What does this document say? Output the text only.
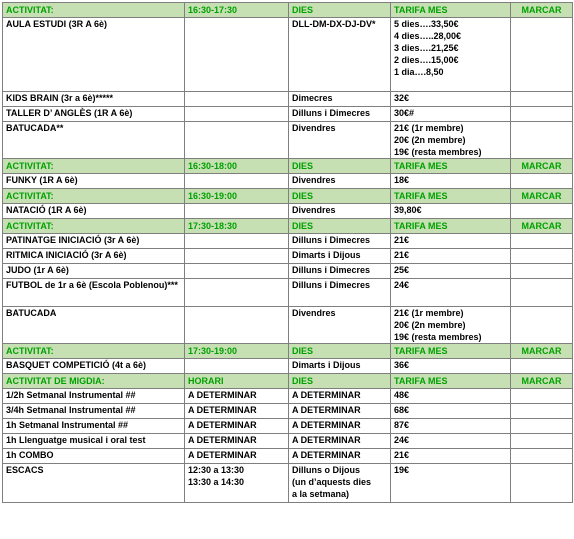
ACTIVITAT:	16:30-17:30	DIES	TARIFA MES	MARCAR
AULA ESTUDI (3R A 6è)		DLL-DM-DX-DJ-DV*	5 dies….33,50€
4 dies…..28,00€
3 dies….21,25€
2 dies….15,00€
1 dia….8,50	

KIDS BRAIN (3r a 6è)*****		Dimecres	32€	

TALLER D’ ANGLÈS (1R A 6è)		Dilluns i Dimecres	30€#	

BATUCADA**		Divendres	21€ (1r membre)
20€ (2n membre)
19€ (resta membres)	

ACTIVITAT:	16:30-18:00	DIES	TARIFA MES	MARCAR
FUNKY (1R A 6è)		Divendres	18€	

ACTIVITAT:	16:30-19:00	DIES	TARIFA MES	MARCAR
NATACIÓ (1R A 6è)		Divendres	39,80€	

ACTIVITAT:	17:30-18:30	DIES	TARIFA MES	MARCAR
PATINATGE INICIACIÓ (3r A 6è)		Dilluns i Dimecres	21€	

RITMICA INICIACIÓ (3r A 6è)		Dimarts i Dijous	21€	

JUDO (1r A 6è)		Dilluns i Dimecres	25€	

FUTBOL de 1r a 6è (Escola Poblenou)***		Dilluns i Dimecres	24€	

BATUCADA		Divendres	21€ (1r membre)
20€ (2n membre)
19€ (resta membres)	

ACTIVITAT:	17:30-19:00	DIES	TARIFA MES	MARCAR
BASQUET COMPETICIÓ (4t a 6è)		Dimarts i Dijous	36€	

ACTIVITAT DE MIGDIA:	HORARI	DIES	TARIFA MES	MARCAR
1/2h Setmanal Instrumental ##	A DETERMINAR	A DETERMINAR	48€	

3/4h Setmanal Instrumental ##	A DETERMINAR	A DETERMINAR	68€	

1h Setmanal Instrumental ##	A DETERMINAR	A DETERMINAR	87€	

1h Llenguatge musical i oral test	A DETERMINAR	A DETERMINAR	24€	

1h COMBO	A DETERMINAR	A DETERMINAR	21€	

ESCACS	12:30 a 13:30
13:30 a 14:30	Dilluns o Dijous
(un d’aquests dies
a la setmana)	19€	
